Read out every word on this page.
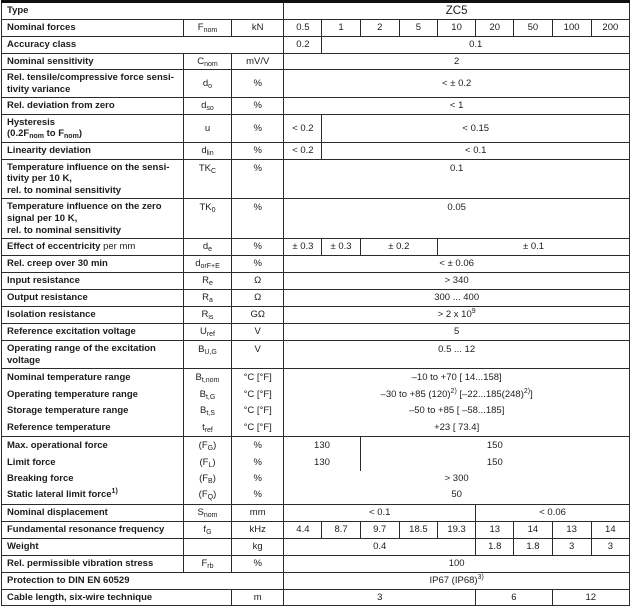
Type			ZC5								
Nominal forces	$F_{nom}$	kN	0.5	1	2	5	10	20	50	100	200
Accuracy class			0.2	0.1							
Nominal sensitivity	$C_{nom}$	mV/V	2								
Rel. tensile/compressive force sensi-
tivity variance	$d_o$	%	< ± 0.2								
Rel. deviation from zero	$d_{so}$	%	< 1								
Hysteresis
($0.2F_{nom}$ to $F_{nom}$)	u	%	< 0.2	< 0.15							
Linearity deviation	$d_{lin}$	%	< 0.2	< 0.1							
Temperature influence on the sensi-
tivity per 10 K,
rel. to nominal sensitivity	$TK_C$	%	0.1								
Temperature influence on the zero
signal per 10 K,
rel. to nominal sensitivity	$TK_0$	%	0.05								
Effect of eccentricity per mm	$d_e$	%	± 0.3	± 0.3	± 0.2		± 0.1				
Rel. creep over 30 min	$d_{orF+E}$	%	< ± 0.06								
Input resistance	$R_e$	Ω	> 340								
Output resistance	$R_a$	Ω	300 ... 400								
Isolation resistance	$R_{is}$	GΩ	> 2 x $10^9$
Reference excitation voltage	$U_{ref}$	V	5								
Operating range of the excitation
voltage	$B_{U,G}$	V	0.5 ... 12								
Nominal temperature range	$B_{t,nom}$	°C [°F]	–10 to +70 [ 14...158]								
Operating temperature range	$B_{t,G}$	°C [°F]	–30 to +85 $(120)^{2)}$ $[-22...185(248)^{2)}]$								
Storage temperature range	$B_{t,S}$	°C [°F]	–50 to +85 [ –58...185]								
Reference temperature	$t_{ref}$	°C [°F]	+23 [ 73.4]								
Max. operational force	$(F_G)$	%	130		150						
Limit force	$(F_L)$	%	130		150						
Breaking force	$(F_B)$	%	> 300								
Static lateral limit force$^{1)}$	$(F_Q)$	%	50								
Nominal displacement	$S_{nom}$	mm	< 0.1					< 0.06			
Fundamental resonance frequency	$f_G$	kHz	4.4	8.7	9.7	18.5	19.3	13	14	13	14
Weight		kg	0.4					1.8	1.8	3	3
Rel. permissible vibration stress	$F_{rb}$	%	100								
Protection to DIN EN 60529			IP67 $(IP68)^{3)}$
Cable length, six-wire technique		m	3					6		12	
